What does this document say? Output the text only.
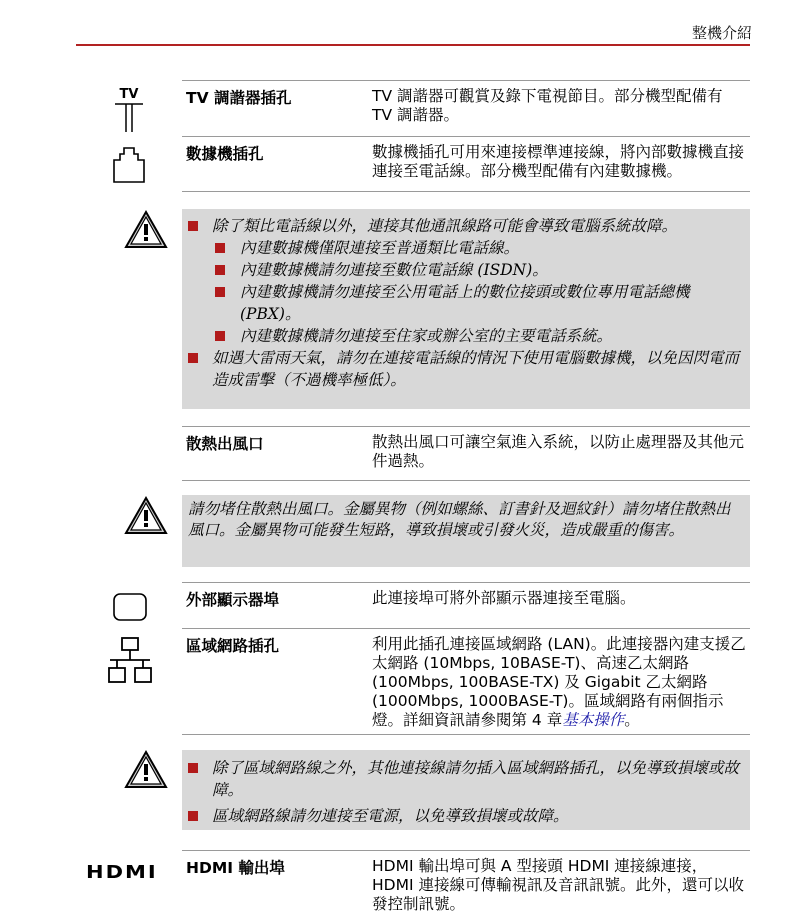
整機介紹
TV	TV 調諧器插孔	TV 調諧器可觀賞及錄下電視節目。部分機型配備有 TV 調諧器。
數據機插孔	數據機插孔可用來連接標準連接線，將內部數據機直接連接至電話線。部分機型配備有內建數據機。
除了類比電話線以外，連接其他通訊線路可能會導致電腦系統故障。
內建數據機僅限連接至普通類比電話線。
內建數據機請勿連接至數位電話線 (ISDN)。
內建數據機請勿連接至公用電話上的數位接頭或數位專用電話總機 (PBX)。
內建數據機請勿連接至住家或辦公室的主要電話系統。
如遇大雷雨天氣，請勿在連接電話線的情況下使用電腦數據機，以免因閃電而造成雷擊（不過機率極低）。
散熱出風口	散熱出風口可讓空氣進入系統，以防止處理器及其他元件過熱。

請勿堵住散熱出風口。金屬異物（例如螺絲、訂書針及迴紋針）請勿堵住散熱出風口。金屬異物可能發生短路，導致損壞或引發火災，造成嚴重的傷害。

外部顯示器埠	此連接埠可將外部顯示器連接至電腦。
區域網路插孔	利用此插孔連接區域網路 (LAN)。此連接器內建支援乙太網路 (10Mbps, 10BASE-T)、高速乙太網路 (100Mbps, 100BASE-TX) 及 Gigabit 乙太網路 (1000Mbps, 1000BASE-T)。區域網路有兩個指示燈。詳細資訊請參閱第 4 章基本操作。
除了區域網路線之外，其他連接線請勿插入區域網路插孔，以免導致損壞或故障。
區域網路線請勿連接至電源，以免導致損壞或故障。
HDMI HDMI 輸出埠	HDMI 輸出埠可與 A 型接頭 HDMI 連接線連接，HDMI 連接線可傳輸視訊及音訊訊號。此外，還可以收發控制訊號。
